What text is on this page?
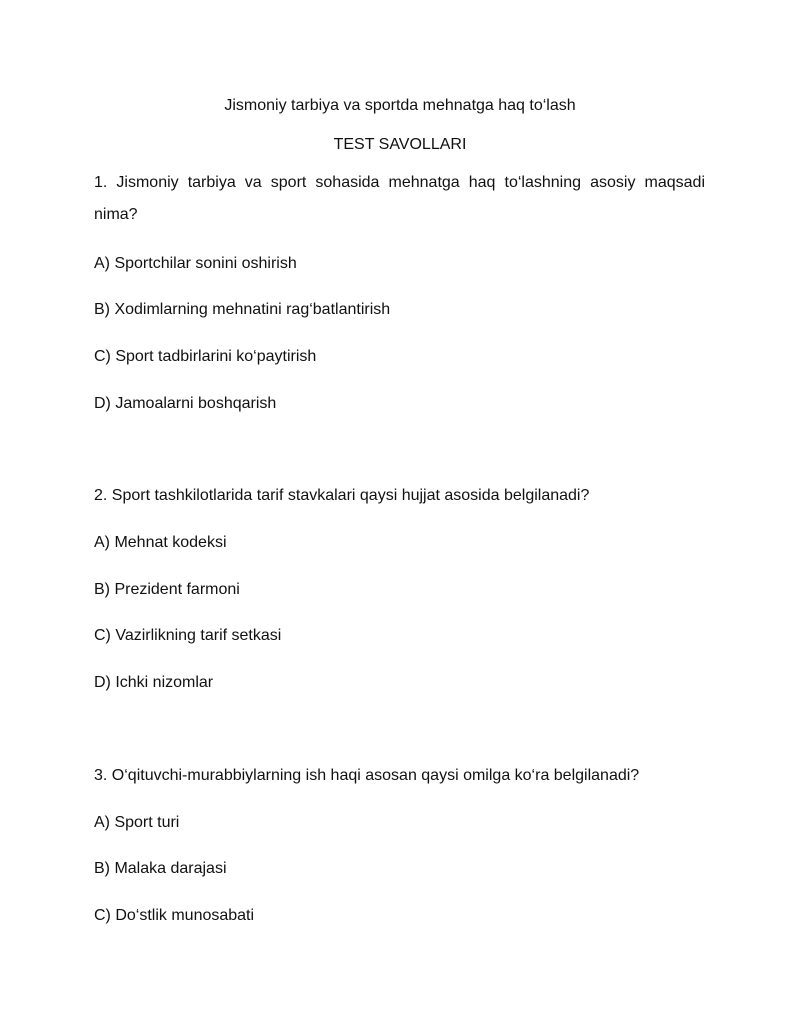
Jismoniy tarbiya va sportda mehnatga haq to‘lash
TEST SAVOLLARI
1. Jismoniy tarbiya va sport sohasida mehnatga haq to‘lashning asosiy maqsadi
nima?
A) Sportchilar sonini oshirish
B) Xodimlarning mehnatini rag‘batlantirish
C) Sport tadbirlarini ko‘paytirish
D) Jamoalarni boshqarish
2. Sport tashkilotlarida tarif stavkalari qaysi hujjat asosida belgilanadi?
A) Mehnat kodeksi
B) Prezident farmoni
C) Vazirlikning tarif setkasi
D) Ichki nizomlar
3. O‘qituvchi-murabbiylarning ish haqi asosan qaysi omilga ko‘ra belgilanadi?
A) Sport turi
B) Malaka darajasi
C) Do‘stlik munosabati
